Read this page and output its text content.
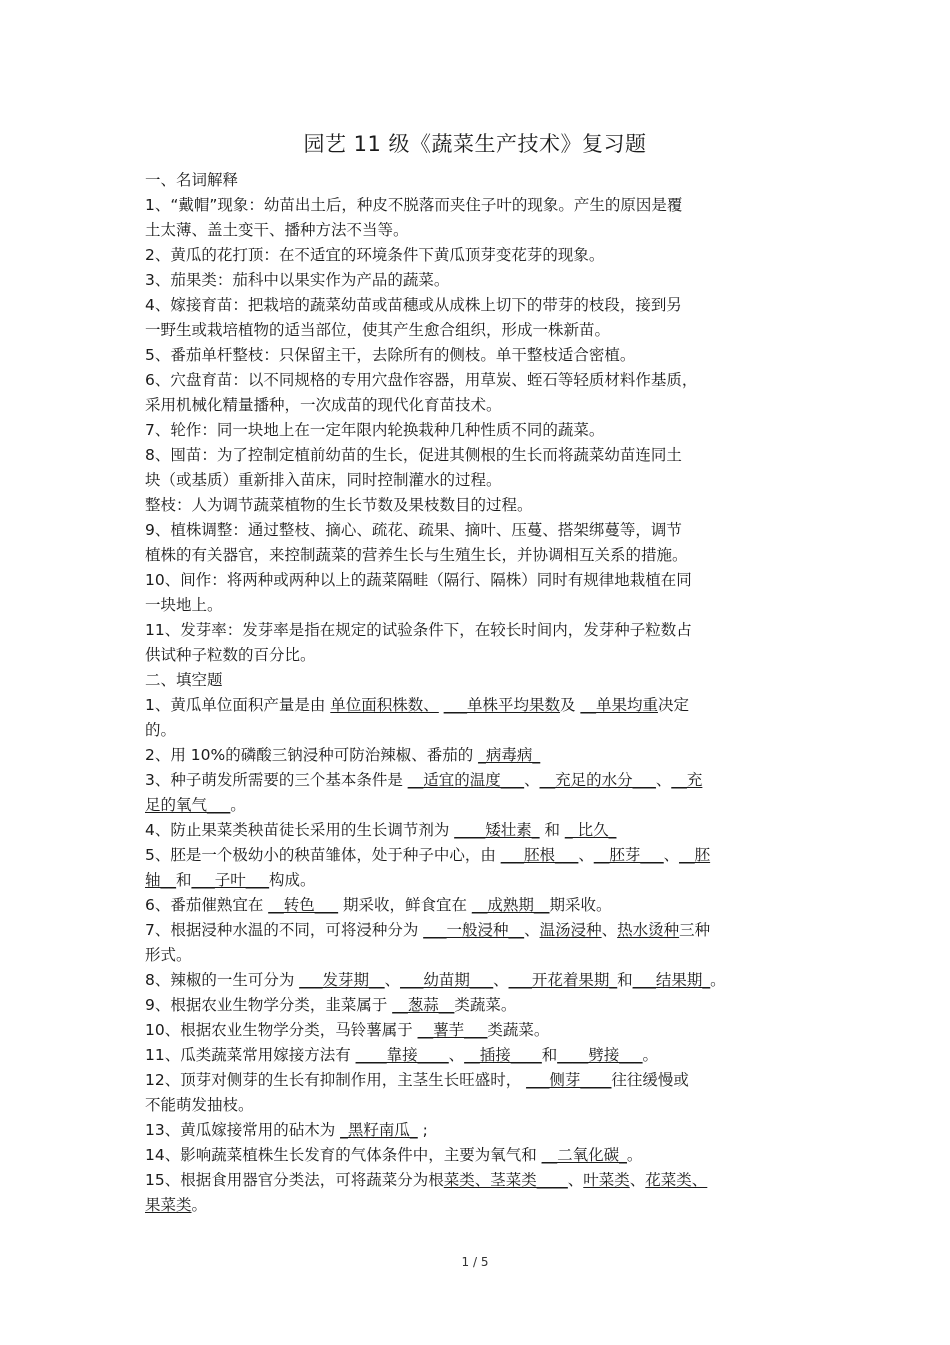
园艺 11 级《蔬菜生产技术》复习题
一、名词解释
1、“戴帽”现象：幼苗出土后，种皮不脱落而夹住子叶的现象。产生的原因是覆
土太薄、盖土变干、播种方法不当等。
2、黄瓜的花打顶：在不适宜的环境条件下黄瓜顶芽变花芽的现象。
3、茄果类：茄科中以果实作为产品的蔬菜。
4、嫁接育苗：把栽培的蔬菜幼苗或苗穗或从成株上切下的带芽的枝段，接到另
一野生或栽培植物的适当部位，使其产生愈合组织，形成一株新苗。
5、番茄单杆整枝：只保留主干，去除所有的侧枝。单干整枝适合密植。
6、穴盘育苗：以不同规格的专用穴盘作容器，用草炭、蛭石等轻质材料作基质，
采用机械化精量播种，一次成苗的现代化育苗技术。
7、轮作：同一块地上在一定年限内轮换栽种几种性质不同的蔬菜。
8、囤苗：为了控制定植前幼苗的生长，促进其侧根的生长而将蔬菜幼苗连同土
块（或基质）重新排入苗床，同时控制灌水的过程。
整枝：人为调节蔬菜植物的生长节数及果枝数目的过程。
9、植株调整：通过整枝、摘心、疏花、疏果、摘叶、压蔓、搭架绑蔓等，调节
植株的有关器官，来控制蔬菜的营养生长与生殖生长，并协调相互关系的措施。
10、间作：将两种或两种以上的蔬菜隔畦（隔行、隔株）同时有规律地栽植在同
一块地上。
11、发芽率：发芽率是指在规定的试验条件下，在较长时间内，发芽种子粒数占
供试种子粒数的百分比。
二、填空题
1、黄瓜单位面积产量是由 单位面积株数、 ___单株平均果数及 __单果均重决定
的。
2、用 10%的磷酸三钠浸种可防治辣椒、番茄的 _病毒病_
3、种子萌发所需要的三个基本条件是 __适宜的温度___、__充足的水分___、__充
足的氧气___。
4、防止果菜类秧苗徒长采用的生长调节剂为 ____矮壮素_ 和 _ 比久_
5、胚是一个极幼小的秧苗雏体，处于种子中心，由 ___胚根___、__胚芽___、__胚
轴__和___子叶___构成。
6、番茄催熟宜在 __转色___ 期采收，鲜食宜在 __成熟期__期采收。
7、根据浸种水温的不同，可将浸种分为 ___一般浸种__、温汤浸种、热水烫种三种
形式。
8、辣椒的一生可分为 ___发芽期__、___幼苗期___、___开花着果期_和___结果期_。
9、根据农业生物学分类，韭菜属于 __葱蒜__类蔬菜。
10、根据农业生物学分类，马铃薯属于 __薯芋___类蔬菜。
11、瓜类蔬菜常用嫁接方法有 ____靠接____、__插接____和____劈接___。
12、顶芽对侧芽的生长有抑制作用，主茎生长旺盛时， ___侧芽____往往缓慢或
不能萌发抽枝。
13、黄瓜嫁接常用的砧木为 _黑籽南瓜_ ;
14、影响蔬菜植株生长发育的气体条件中，主要为氧气和 __二氧化碳_。
15、根据食用器官分类法，可将蔬菜分为根菜类、茎菜类____、叶菜类、花菜类、
果菜类。
1 / 5
